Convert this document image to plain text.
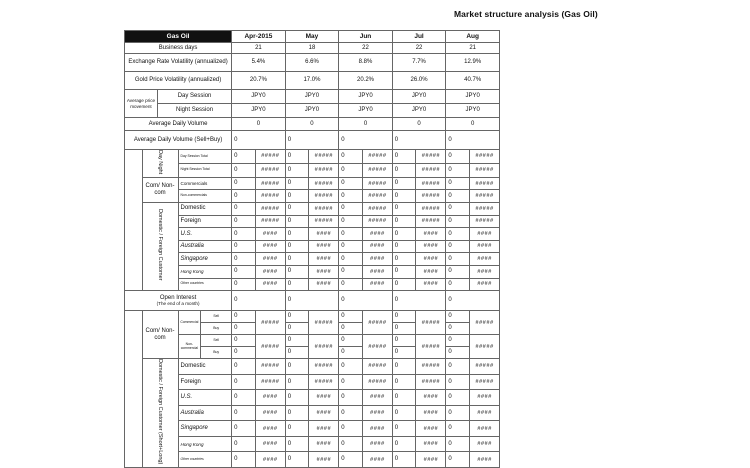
Market structure analysis (Gas Oil)
Gas Oil					Apr-2015		May		Jun		Jul		Aug	
Business days					21		18		22		22		21	
Exchange Rate Volatility (annualized)					5.4%		6.6%		8.8%		7.7%		12.9%	
Gold Price Volatility (annualized)					20.7%		17.0%		20.2%		26.0%		40.7%	
Average price movement		Day Session			JPY0		JPY0		JPY0		JPY0		JPY0	
		Night Session			JPY0		JPY0		JPY0		JPY0		JPY0	
Average Daily Volume					0		0		0		0		0	
Average Daily Volume (Sell+Buy)					0		0		0		0		0	
	Day Night		Day Session Total		0	#####	0	#####	0	#####	0	#####	0	#####
			Night Session Total		0	#####	0	#####	0	#####	0	#####	0	#####
	Com/ Non-com		Commercials		0	#####	0	#####	0	#####	0	#####	0	#####
			Non-commercials		0	#####	0	#####	0	#####	0	#####	0	#####
	Domestic / Foreign Customer		Domestic		0	#####	0	#####	0	#####	0	#####	0	#####
			Foreign		0	#####	0	#####	0	#####	0	#####	0	#####
			U.S.		0	####	0	####	0	####	0	####	0	####
			Australia		0	####	0	####	0	####	0	####	0	####
			Singapore		0	####	0	####	0	####	0	####	0	####
			Hong Kong		0	####	0	####	0	####	0	####	0	####
			Other countries		0	####	0	####	0	####	0	####	0	####

Open Interest
(The end of a month)					0		0		0		0		0	
	Com/ Non-com		Commercial	Sell	0	#####	0	#####	0	#####	0	#####	0	#####
				Buy	0		0		0		0		0	
			Non-commercial	Sell	0	#####	0	#####	0	#####	0	#####	0	#####
				Buy	0		0		0		0		0	
	Domestic / Foreign Customer (Short+Long)		Domestic		0	#####	0	#####	0	#####	0	#####	0	#####
			Foreign		0	#####	0	#####	0	#####	0	#####	0	#####
			U.S.		0	####	0	####	0	####	0	####	0	####
			Australia		0	####	0	####	0	####	0	####	0	####
			Singapore		0	####	0	####	0	####	0	####	0	####
			Hong Kong		0	####	0	####	0	####	0	####	0	####
			Other countries		0	####	0	####	0	####	0	####	0	####
